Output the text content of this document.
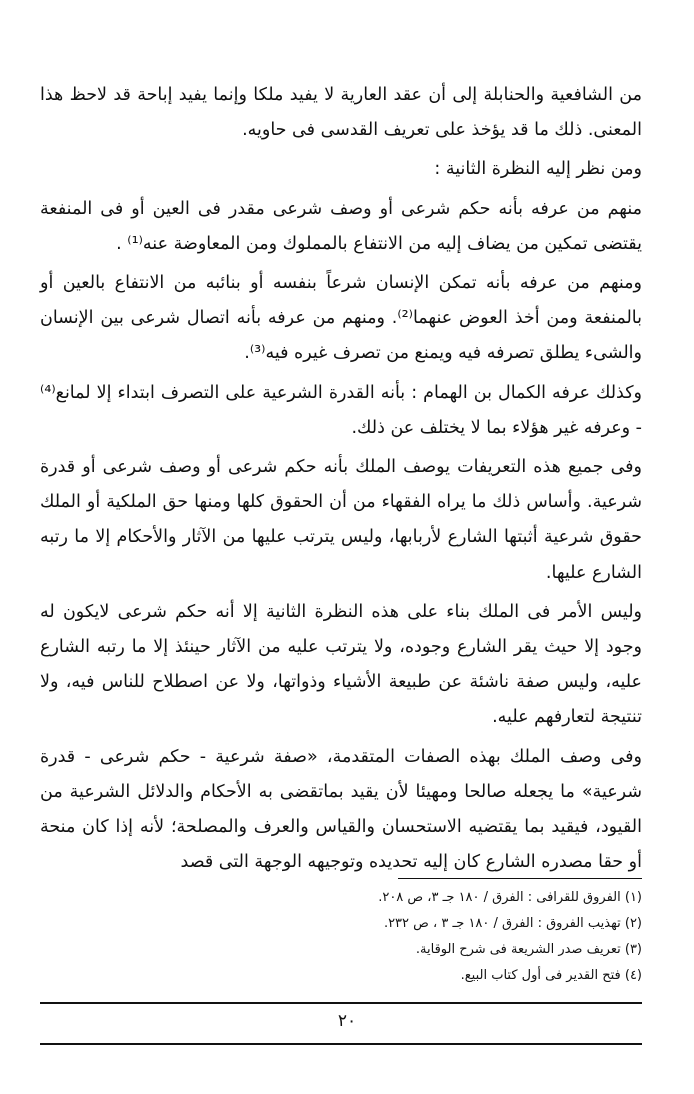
من الشافعية والحنابلة إلى أن عقد العارية لا يفيد ملكا وإنما يفيد إباحة قد لاحظ هذا المعنى. ذلك ما قد يؤخذ على تعريف القدسى فى حاويه.

ومن نظر إليه النظرة الثانية :

منهم من عرفه بأنه حكم شرعى أو وصف شرعى مقدر فى العين أو فى المنفعة يقتضى تمكين من يضاف إليه من الانتفاع بالمملوك ومن المعاوضة عنه⁽¹⁾ .

ومنهم من عرفه بأنه تمكن الإنسان شرعاً بنفسه أو بنائبه من الانتفاع بالعين أو بالمنفعة ومن أخذ العوض عنهما⁽²⁾. ومنهم من عرفه بأنه اتصال شرعى بين الإنسان والشىء يطلق تصرفه فيه ويمنع من تصرف غيره فيه⁽³⁾.

وكذلك عرفه الكمال بن الهمام : بأنه القدرة الشرعية على التصرف ابتداء إلا لمانع⁽⁴⁾ - وعرفه غير هؤلاء بما لا يختلف عن ذلك.

وفى جميع هذه التعريفات يوصف الملك بأنه حكم شرعى أو وصف شرعى أو قدرة شرعية. وأساس ذلك ما يراه الفقهاء من أن الحقوق كلها ومنها حق الملكية أو الملك حقوق شرعية أثبتها الشارع لأربابها، وليس يترتب عليها من الآثار والأحكام إلا ما رتبه الشارع عليها.

وليس الأمر فى الملك بناء على هذه النظرة الثانية إلا أنه حكم شرعى لايكون له وجود إلا حيث يقر الشارع وجوده، ولا يترتب عليه من الآثار حينئذ إلا ما رتبه الشارع عليه، وليس صفة ناشئة عن طبيعة الأشياء وذواتها، ولا عن اصطلاح للناس فيه، ولا تنتيجة لتعارفهم عليه.

وفى وصف الملك بهذه الصفات المتقدمة، «صفة شرعية - حكم شرعى - قدرة شرعية» ما يجعله صالحا ومهيئا لأن يقيد بماتقضى به الأحكام والدلائل الشرعية من القيود، فيقيد بما يقتضيه الاستحسان والقياس والعرف والمصلحة؛ لأنه إذا كان منحة أو حقا مصدره الشارع كان إليه تحديده وتوجيهه الوجهة التى قصد

(١) الفروق للقرافى : الفرق / ١٨٠ جـ ٣، ص ٢٠٨.
(٢) تهذيب الفروق : الفرق / ١٨٠ جـ ٣ ، ص ٢٣٢.
(٣) تعريف صدر الشريعة فى شرح الوقاية.
(٤) فتح القدير فى أول كتاب البيع.
٢٠
